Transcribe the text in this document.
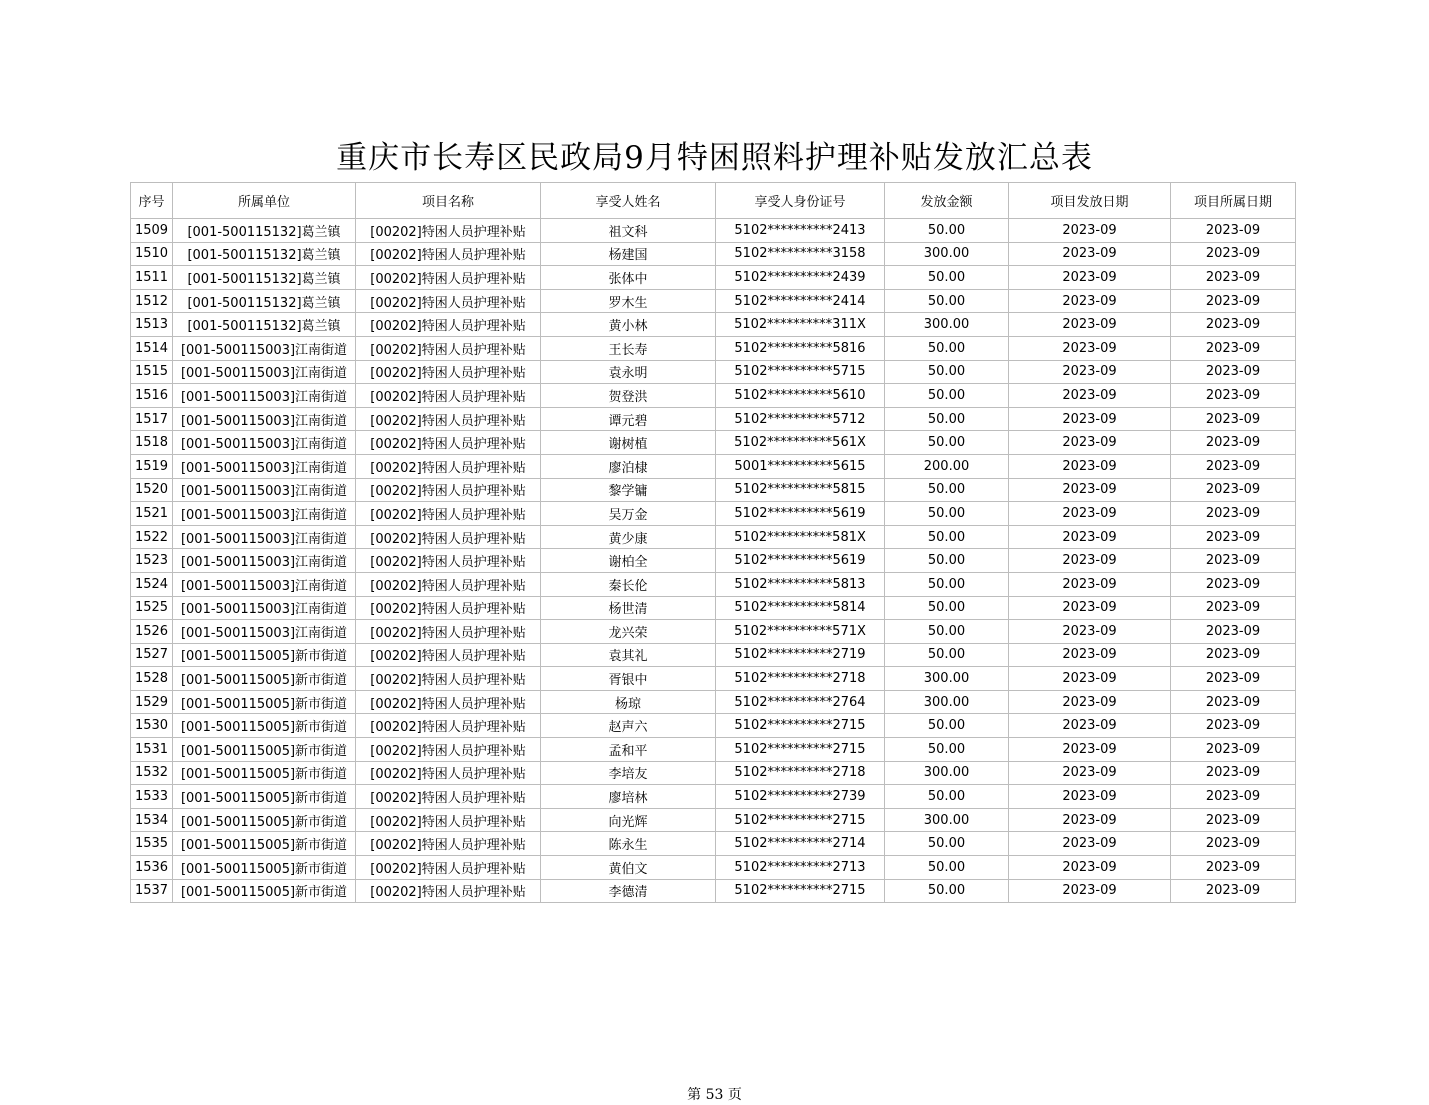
重庆市长寿区民政局9月特困照料护理补贴发放汇总表
序号	所属单位	项目名称	享受人姓名	享受人身份证号	发放金额	项目发放日期	项目所属日期
1509	[001-500115132]葛兰镇	[00202]特困人员护理补贴	祖文科	5102**********2413	50.00	2023-09	2023-09
1510	[001-500115132]葛兰镇	[00202]特困人员护理补贴	杨建国	5102**********3158	300.00	2023-09	2023-09
1511	[001-500115132]葛兰镇	[00202]特困人员护理补贴	张体中	5102**********2439	50.00	2023-09	2023-09
1512	[001-500115132]葛兰镇	[00202]特困人员护理补贴	罗木生	5102**********2414	50.00	2023-09	2023-09
1513	[001-500115132]葛兰镇	[00202]特困人员护理补贴	黄小林	5102**********311X	300.00	2023-09	2023-09
1514	[001-500115003]江南街道	[00202]特困人员护理补贴	王长寿	5102**********5816	50.00	2023-09	2023-09
1515	[001-500115003]江南街道	[00202]特困人员护理补贴	袁永明	5102**********5715	50.00	2023-09	2023-09
1516	[001-500115003]江南街道	[00202]特困人员护理补贴	贺登洪	5102**********5610	50.00	2023-09	2023-09
1517	[001-500115003]江南街道	[00202]特困人员护理补贴	谭元碧	5102**********5712	50.00	2023-09	2023-09
1518	[001-500115003]江南街道	[00202]特困人员护理补贴	谢树植	5102**********561X	50.00	2023-09	2023-09
1519	[001-500115003]江南街道	[00202]特困人员护理补贴	廖泊棣	5001**********5615	200.00	2023-09	2023-09
1520	[001-500115003]江南街道	[00202]特困人员护理补贴	黎学镛	5102**********5815	50.00	2023-09	2023-09
1521	[001-500115003]江南街道	[00202]特困人员护理补贴	吴万金	5102**********5619	50.00	2023-09	2023-09
1522	[001-500115003]江南街道	[00202]特困人员护理补贴	黄少康	5102**********581X	50.00	2023-09	2023-09
1523	[001-500115003]江南街道	[00202]特困人员护理补贴	谢柏全	5102**********5619	50.00	2023-09	2023-09
1524	[001-500115003]江南街道	[00202]特困人员护理补贴	秦长伦	5102**********5813	50.00	2023-09	2023-09
1525	[001-500115003]江南街道	[00202]特困人员护理补贴	杨世清	5102**********5814	50.00	2023-09	2023-09
1526	[001-500115003]江南街道	[00202]特困人员护理补贴	龙兴荣	5102**********571X	50.00	2023-09	2023-09
1527	[001-500115005]新市街道	[00202]特困人员护理补贴	袁其礼	5102**********2719	50.00	2023-09	2023-09
1528	[001-500115005]新市街道	[00202]特困人员护理补贴	胥银中	5102**********2718	300.00	2023-09	2023-09
1529	[001-500115005]新市街道	[00202]特困人员护理补贴	杨琼	5102**********2764	300.00	2023-09	2023-09
1530	[001-500115005]新市街道	[00202]特困人员护理补贴	赵声六	5102**********2715	50.00	2023-09	2023-09
1531	[001-500115005]新市街道	[00202]特困人员护理补贴	孟和平	5102**********2715	50.00	2023-09	2023-09
1532	[001-500115005]新市街道	[00202]特困人员护理补贴	李培友	5102**********2718	300.00	2023-09	2023-09
1533	[001-500115005]新市街道	[00202]特困人员护理补贴	廖培林	5102**********2739	50.00	2023-09	2023-09
1534	[001-500115005]新市街道	[00202]特困人员护理补贴	向光辉	5102**********2715	300.00	2023-09	2023-09
1535	[001-500115005]新市街道	[00202]特困人员护理补贴	陈永生	5102**********2714	50.00	2023-09	2023-09
1536	[001-500115005]新市街道	[00202]特困人员护理补贴	黄伯文	5102**********2713	50.00	2023-09	2023-09
1537	[001-500115005]新市街道	[00202]特困人员护理补贴	李德清	5102**********2715	50.00	2023-09	2023-09
第 53 页
